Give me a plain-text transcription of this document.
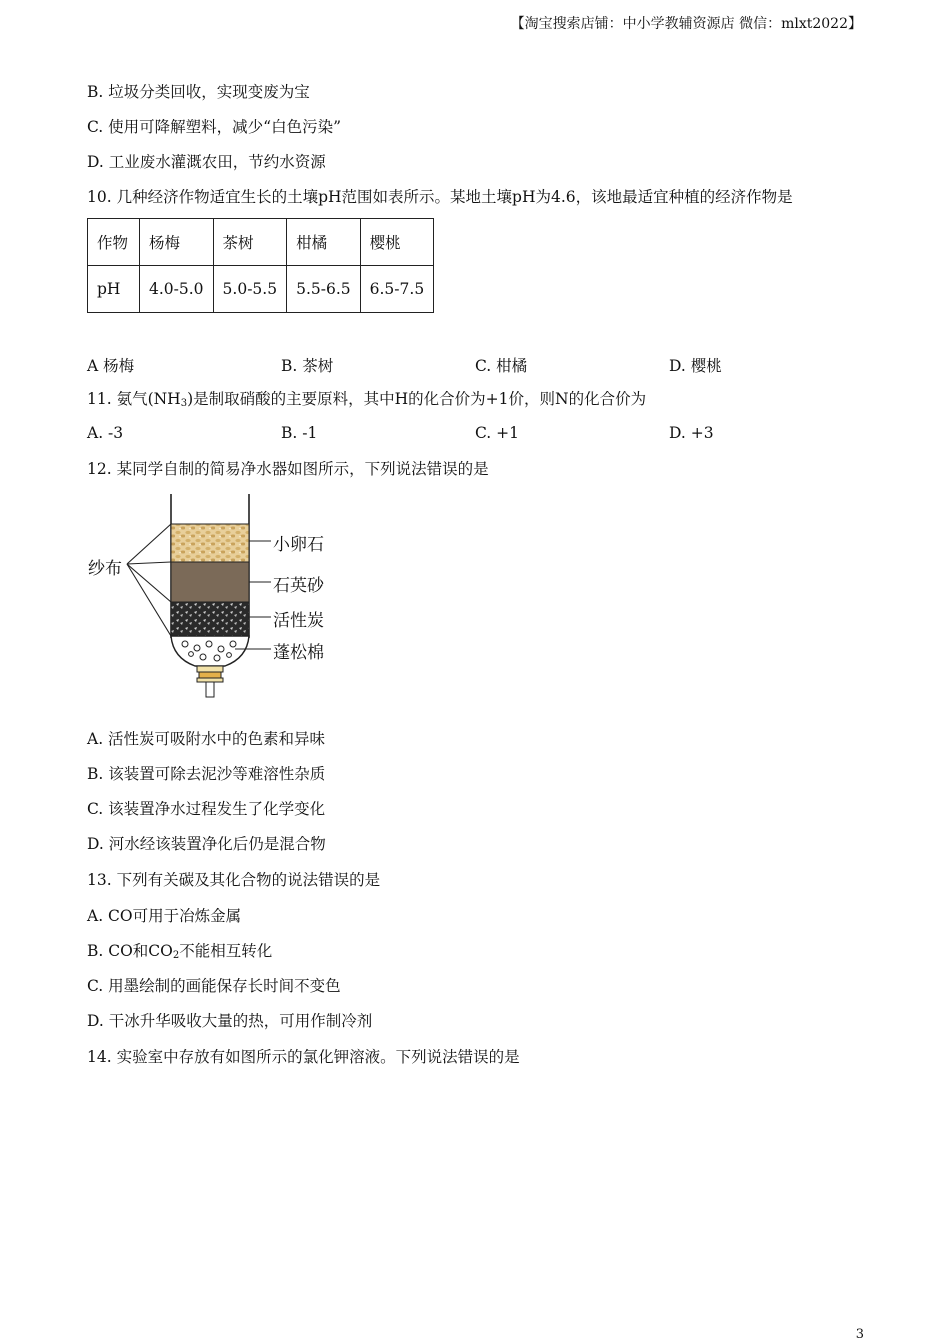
【淘宝搜索店铺：中小学教辅资源店 微信：mlxt2022】
B. 垃圾分类回收，实现变废为宝
C. 使用可降解塑料，减少“白色污染”
D. 工业废水灌溉农田，节约水资源
10. 几种经济作物适宜生长的土壤pH范围如表所示。某地土壤pH为4.6，该地最适宜种植的经济作物是
作物	杨梅	茶树	柑橘	樱桃
pH	4.0-5.0	5.0-5.5	5.5-6.5	6.5-7.5
A 杨梅	B. 茶树	C. 柑橘	D. 樱桃
11. 氨气$(NH_3)$是制取硝酸的主要原料，其中H的化合价为+1价，则N的化合价为
A. -3	B. -1	C. +1	D. +3
12. 某同学自制的简易净水器如图所示，下列说法错误的是
纱布
小卵石
石英砂
活性炭
蓬松棉
A. 活性炭可吸附水中的色素和异味
B. 该装置可除去泥沙等难溶性杂质
C. 该装置净水过程发生了化学变化
D. 河水经该装置净化后仍是混合物
13. 下列有关碳及其化合物的说法错误的是
A. CO可用于冶炼金属
B. CO和$CO_2$不能相互转化
C. 用墨绘制的画能保存长时间不变色
D. 干冰升华吸收大量的热，可用作制冷剂
14. 实验室中存放有如图所示的氯化钾溶液。下列说法错误的是
3
